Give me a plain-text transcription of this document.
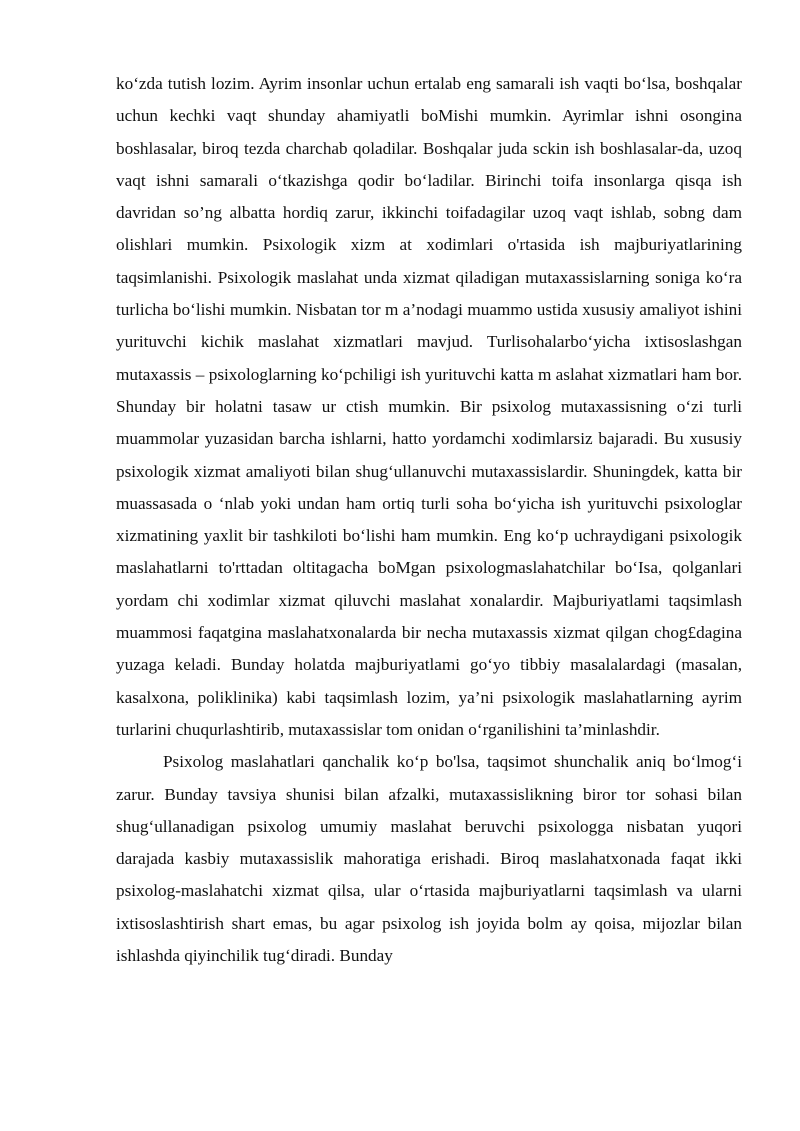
ko‘zda tutish lozim. Ayrim insonlar uchun ertalab eng samarali ish vaqti bo‘lsa, boshqalar uchun kechki vaqt shunday ahamiyatli boMishi mumkin. Ayrimlar ishni osongina boshlasalar, biroq tezda charchab qoladilar. Boshqalar juda sckin ish boshlasalar-da, uzoq vaqt ishni samarali o‘tkazishga qodir bo‘ladilar. Birinchi toifa insonlarga qisqa ish davridan so’ng albatta hordiq zarur, ikkinchi toifadagilar uzoq vaqt ishlab, sobng dam olishlari mumkin. Psixologik xizm at xodimlari o'rtasida ish majburiyatlarining taqsimlanishi. Psixologik maslahat unda xizmat qiladigan mutaxassislarning soniga ko‘ra turlicha bo‘lishi mumkin. Nisbatan tor m a’nodagi muammo ustida xususiy amaliyot ishini yurituvchi kichik maslahat xizmatlari mavjud. Turlisohalarbo‘yicha ixtisoslashgan mutaxassis – psixologlarning ko‘pchiligi ish yurituvchi katta m aslahat xizmatlari ham bor. Shunday bir holatni tasaw ur ctish mumkin. Bir psixolog mutaxassisning o‘zi turli muammolar yuzasidan barcha ishlarni, hatto yordamchi xodimlarsiz bajaradi. Bu xususiy psixologik xizmat amaliyoti bilan shug‘ullanuvchi mutaxassislardir. Shuningdek, katta bir muassasada o ‘nlab yoki undan ham ortiq turli soha bo‘yicha ish yurituvchi psixologlar xizmatining yaxlit bir tashkiloti bo‘lishi ham mumkin. Eng ko‘p uchraydigani psixologik maslahatlarni to'rttadan oltitagacha boMgan psixologmaslahatchilar bo‘Isa, qolganlari yordam chi xodimlar xizmat qiluvchi maslahat xonalardir. Majburiyatlami taqsimlash muammosi faqatgina maslahatxonalarda bir necha mutaxassis xizmat qilgan chog£dagina yuzaga keladi. Bunday holatda majburiyatlami go‘yo tibbiy masalalardagi (masalan, kasalxona, poliklinika) kabi taqsimlash lozim, ya’ni psixologik maslahatlarning ayrim turlarini chuqurlashtirib, mutaxassislar tom onidan o‘rganilishini ta’minlashdir.

Psixolog maslahatlari qanchalik ko‘p bo'lsa, taqsimot shunchalik aniq bo‘lmog‘i zarur. Bunday tavsiya shunisi bilan afzalki, mutaxassislikning biror tor sohasi bilan shug‘ullanadigan psixolog umumiy maslahat beruvchi psixologga nisbatan yuqori darajada kasbiy mutaxassislik mahoratiga erishadi. Biroq maslahatxonada faqat ikki psixolog-maslahatchi xizmat qilsa, ular o‘rtasida majburiyatlarni taqsimlash va ularni ixtisoslashtirish shart emas, bu agar psixolog ish joyida bolm ay qoisa, mijozlar bilan ishlashda qiyinchilik tug‘diradi. Bunday
